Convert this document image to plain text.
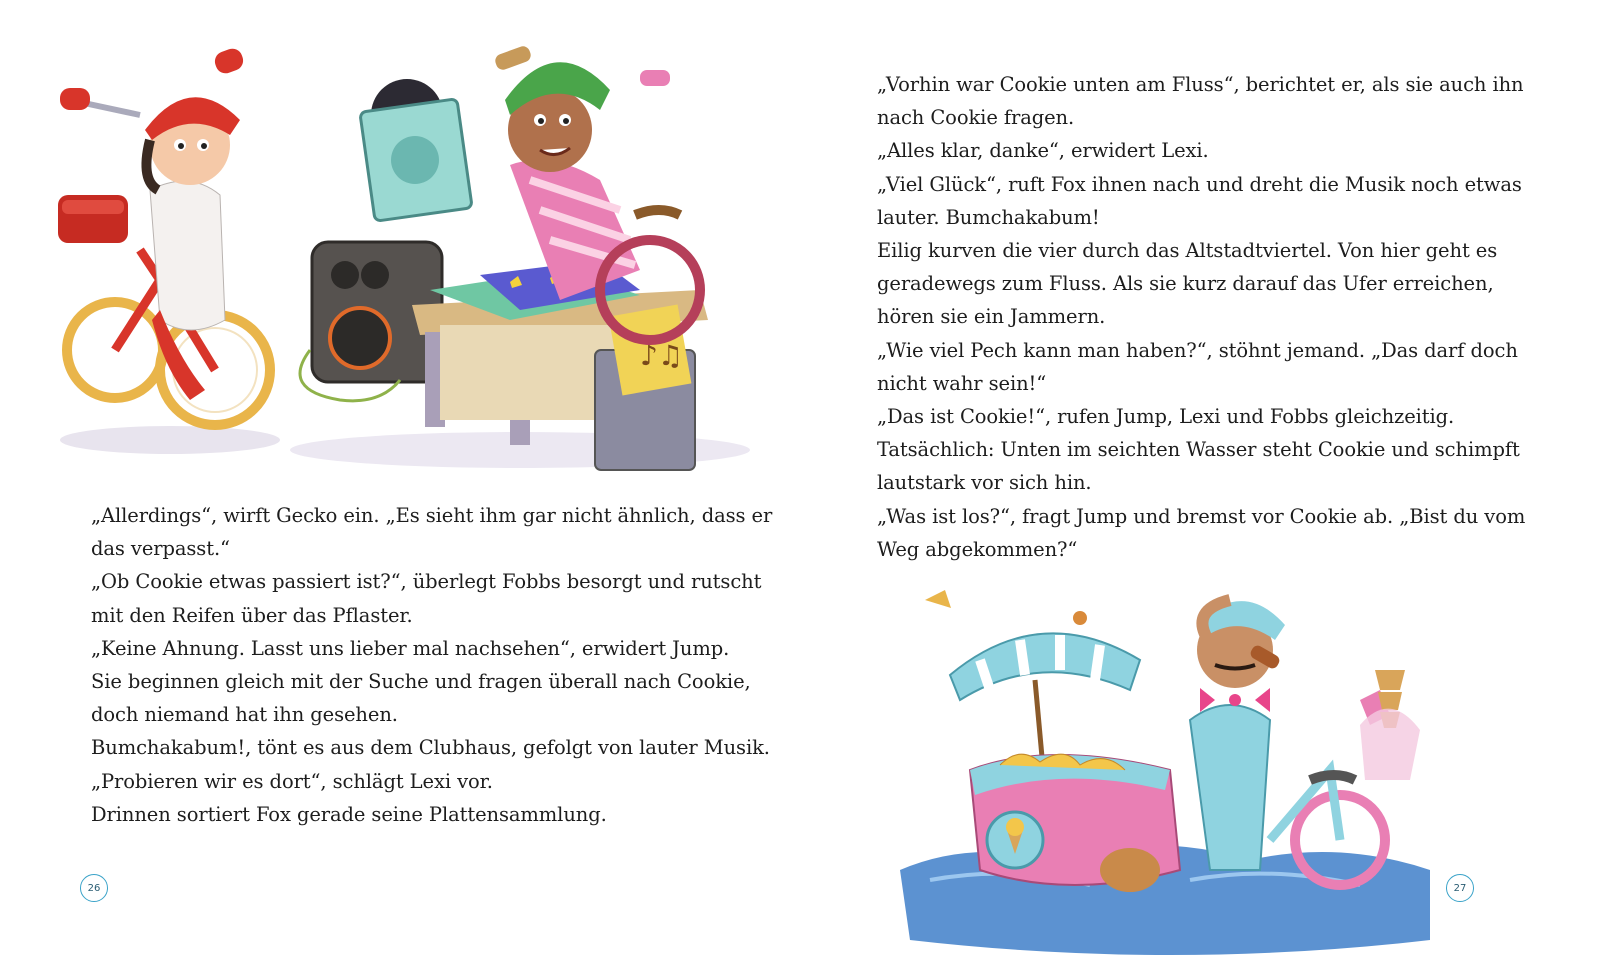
♪♫

„Allerdings“, wirft Gecko ein. „Es sieht ihm gar nicht ähnlich, dass er

das verpasst.“

„Ob Cookie etwas passiert ist?“, überlegt Fobbs besorgt und rutscht

mit den Reifen über das Pflaster.

„Keine Ahnung. Lasst uns lieber mal nachsehen“, erwidert Jump.

Sie beginnen gleich mit der Suche und fragen überall nach Cookie,

doch niemand hat ihn gesehen.

Bumchakabum!, tönt es aus dem Clubhaus, gefolgt von lauter Musik.

„Probieren wir es dort“, schlägt Lexi vor.

Drinnen sortiert Fox gerade seine Plattensammlung.

26

„Vorhin war Cookie unten am Fluss“, berichtet er, als sie auch ihn

nach Cookie fragen.

„Alles klar, danke“, erwidert Lexi.

„Viel Glück“, ruft Fox ihnen nach und dreht die Musik noch etwas

lauter. Bumchakabum!

Eilig kurven die vier durch das Altstadtviertel. Von hier geht es

geradewegs zum Fluss. Als sie kurz darauf das Ufer erreichen,

hören sie ein Jammern.

„Wie viel Pech kann man haben?“, stöhnt jemand. „Das darf doch

nicht wahr sein!“

„Das ist Cookie!“, rufen Jump, Lexi und Fobbs gleichzeitig.

Tatsächlich: Unten im seichten Wasser steht Cookie und schimpft

lautstark vor sich hin.

„Was ist los?“, fragt Jump und bremst vor Cookie ab. „Bist du vom

Weg abgekommen?“

27
